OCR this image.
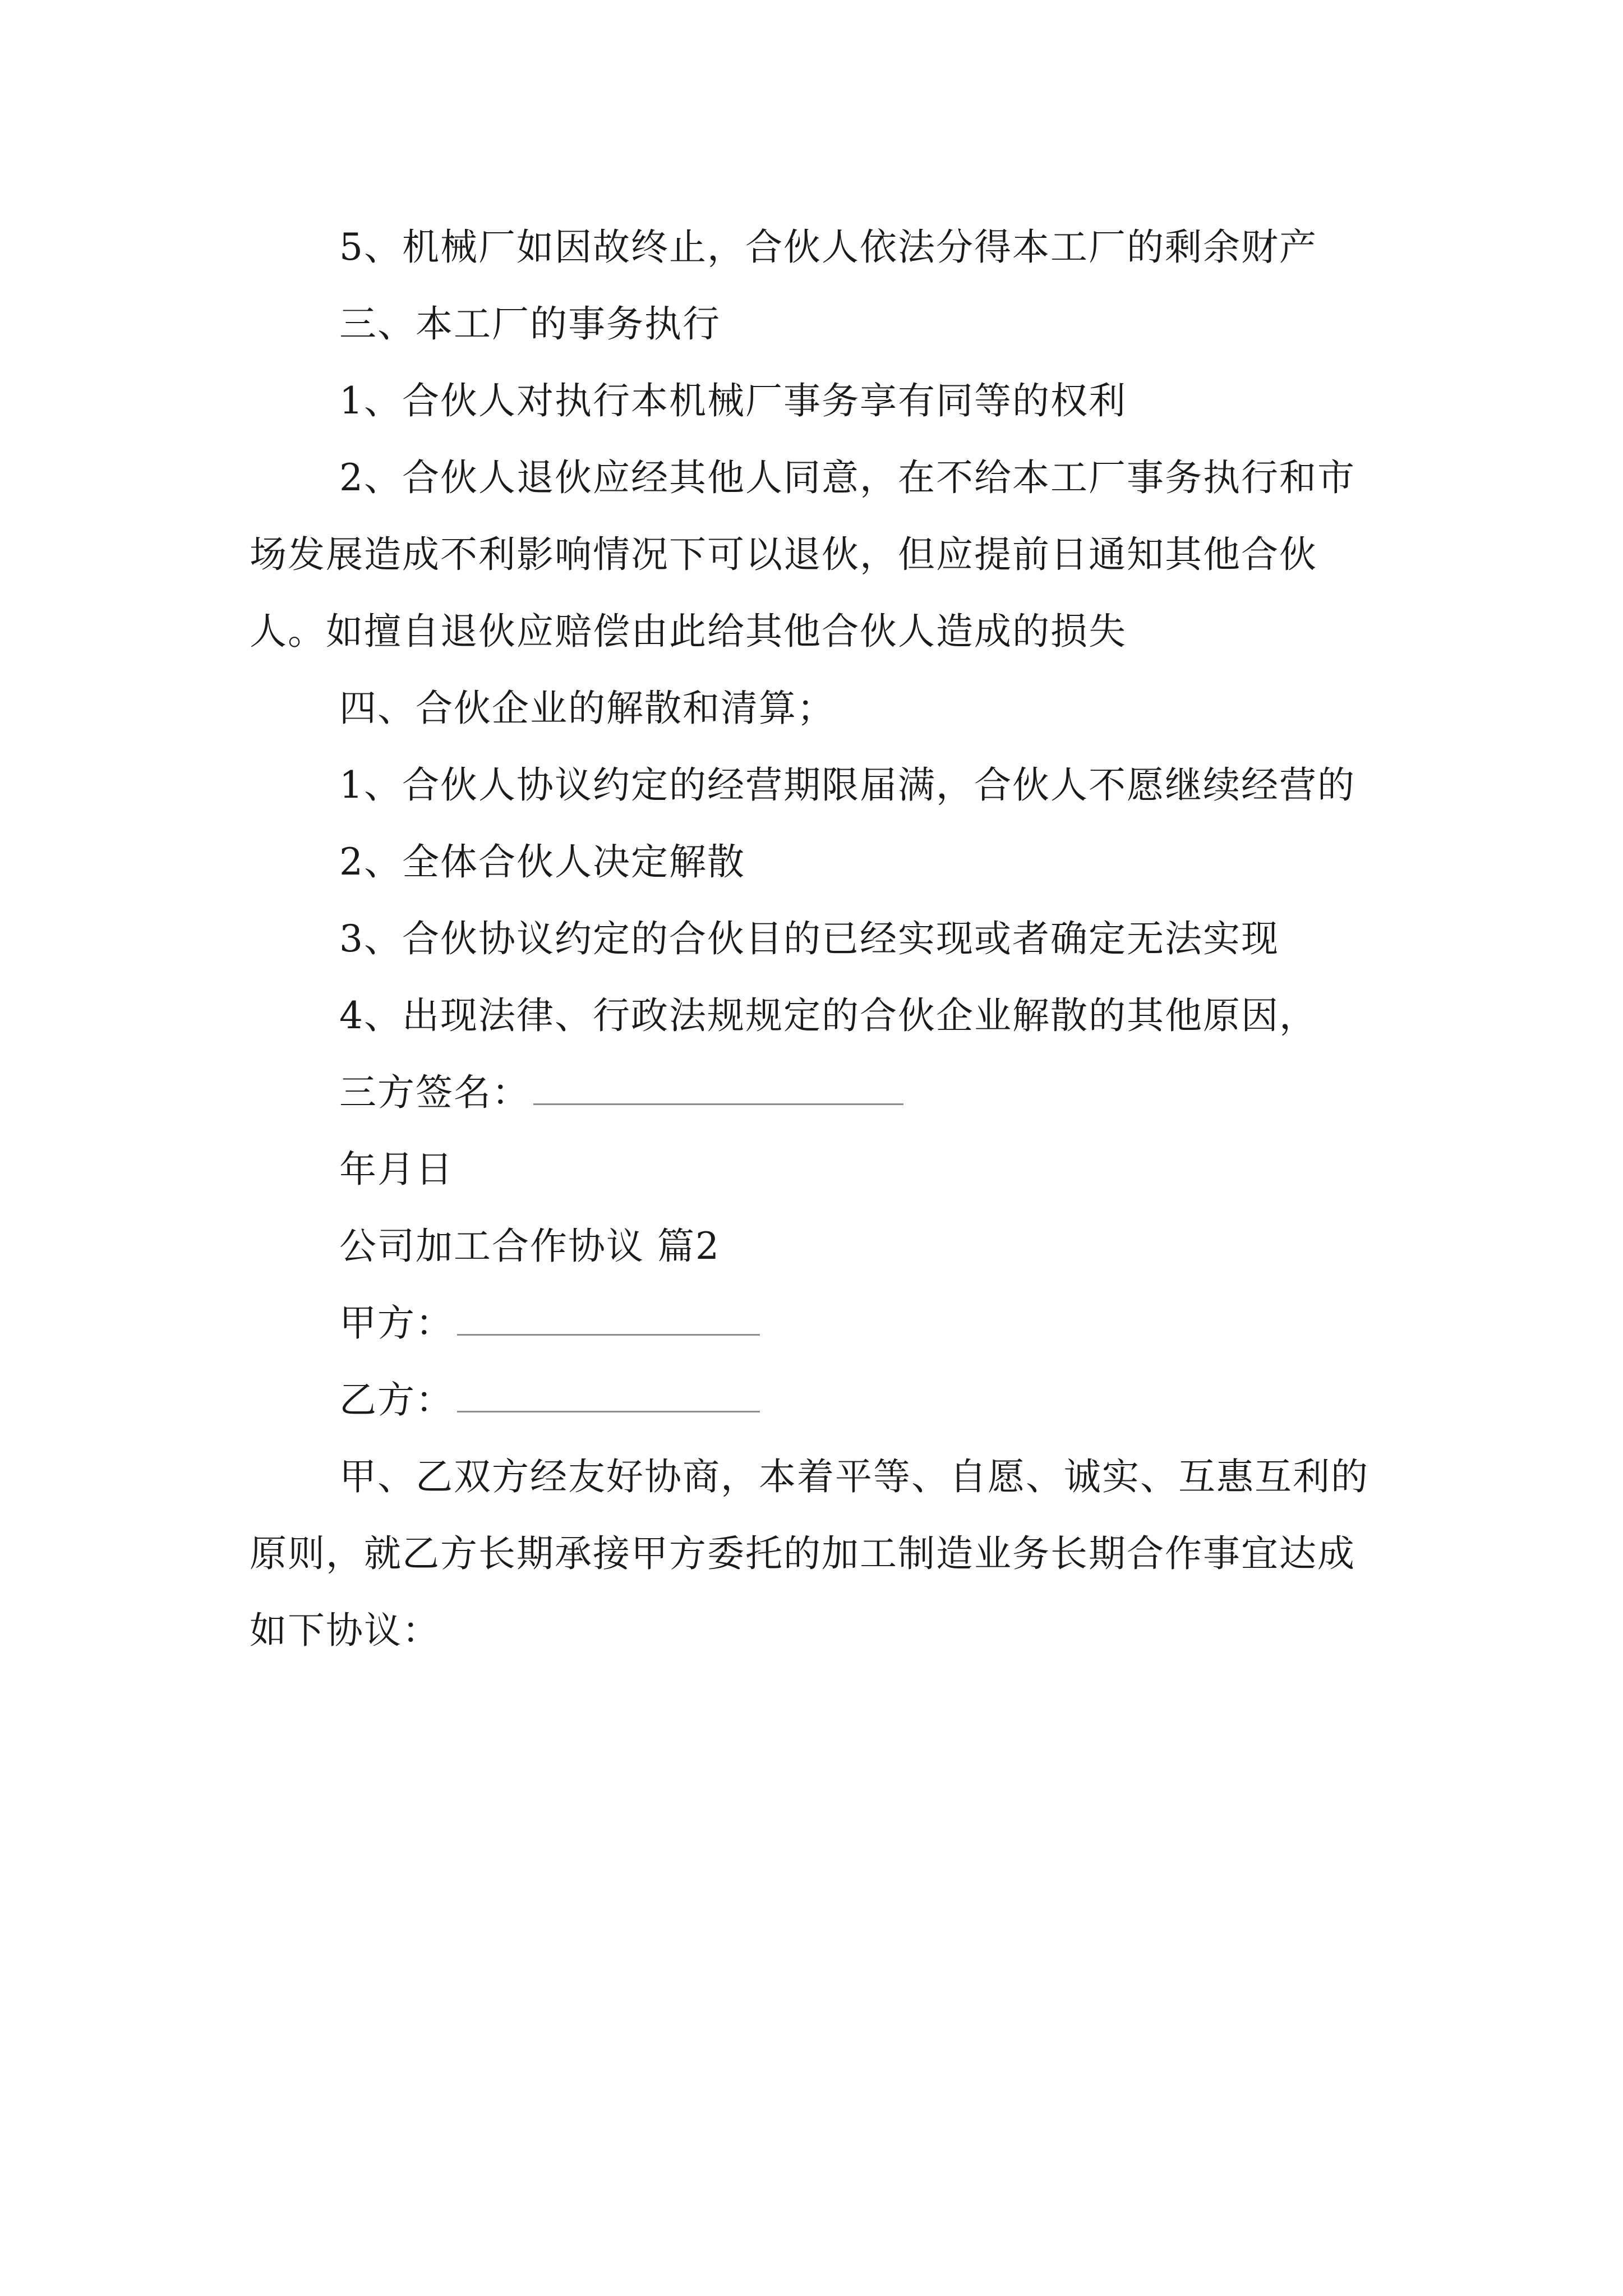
5、机械厂如因故终止，合伙人依法分得本工厂的剩余财产

三、本工厂的事务执行

1、合伙人对执行本机械厂事务享有同等的权利

2、合伙人退伙应经其他人同意，在不给本工厂事务执行和市场发展造成不利影响情况下可以退伙，但应提前日通知其他合伙人。如擅自退伙应赔偿由此给其他合伙人造成的损失

四、合伙企业的解散和清算；

1、合伙人协议约定的经营期限届满，合伙人不愿继续经营的

2、全体合伙人决定解散

3、合伙协议约定的合伙目的已经实现或者确定无法实现

4、出现法律、行政法规规定的合伙企业解散的其他原因，

三方签名：

年月日

公司加工合作协议 篇2

甲方：

乙方：

甲、乙双方经友好协商，本着平等、自愿、诚实、互惠互利的原则，就乙方长期承接甲方委托的加工制造业务长期合作事宜达成如下协议：
